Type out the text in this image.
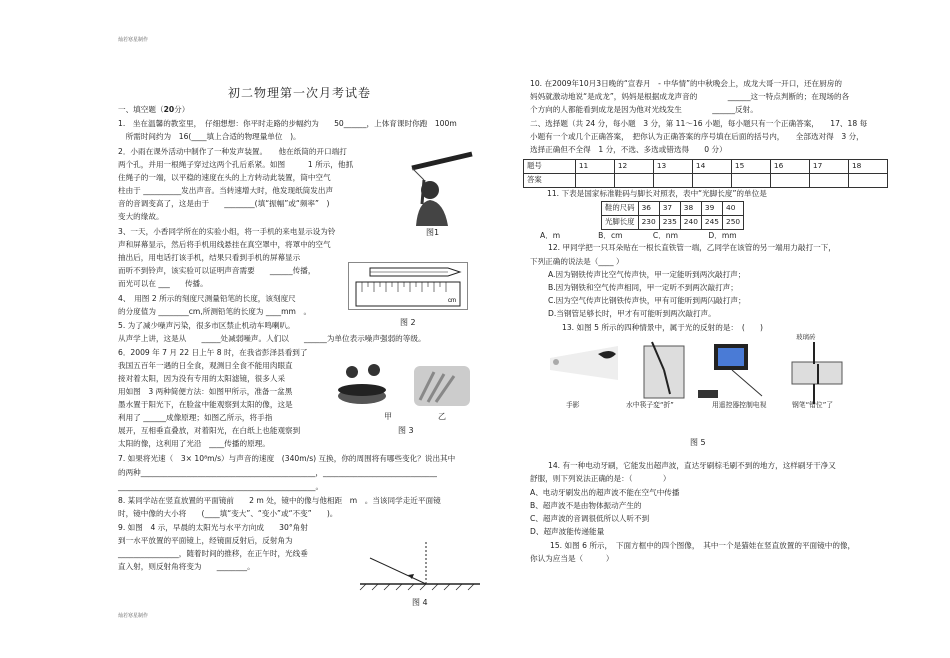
灿若寒星制作
灿若寒星制作
初二物理第一次月考试卷
一、填空题（20分）
1.　坐在温馨的教室里，　仔细想想：你平时走路的步幅约为　　50______，上体育课时你跑　100m
　所需时间约为　16(____填上合适的物理量单位　)。
2．小雨在课外活动中制作了一种发声装置。　　他在纸筒的开口端打
两个孔，并用一根绳子穿过这两个孔后系紧。如图　　　1 所示，他抓
住绳子的一端，以平稳的速度在头的上方转动此装置，筒中空气
柱由于 __________发出声音。当转速增大时，他发现纸筒发出声
音的音调变高了，这是由于　　________(填“振幅”或“频率”　)
变大的缘故。
3、一天，小香同学所在的实验小组，将一手机的来电显示设为铃
声和屏幕显示，然后将手机用线悬挂在真空罩中，将罩中的空气
抽出后，用电话打该手机，结果只看到手机的屏幕显示
而听不到铃声，该实验可以证明声音需要　　______传播，
而光可以在 ___　　传播。
4、　用图 2 所示的刻度尺测量铅笔的长度，该刻度尺
的分度值为 ________cm,所测铅笔的长度为 ____mm　。
5. 为了减少噪声污染，很多市区禁止机动车鸣喇叭。
从声学上讲，这是从　　_____处减弱噪声。人们以　　______为单位表示噪声强弱的等级。
6．2009 年 7 月 22 日上午 8 时，在我省彭泽县看到了
我国五百年一遇的日全食，观测日全食不能用肉眼直
接对着太阳，因为没有专用的太阳滤镜，很多人采
用如图　3 两种简便方法：如图甲所示，准备一盆黑
墨水置于阳光下，在脸盆中能观察到太阳的像，这是
利用了 ______成像原理；如图乙所示，将手指
展开，互相垂直叠放，对着阳光，在白纸上也能观察到
太阳的像，这利用了光沿　____传播的原理。
7. 如果将光速（　3× 10⁸m/s）与声音的速度　(340m/s) 互换，你的周围将有哪些变化？说出其中
的两种______________________________________________，______________________________
____________________________________________________。
8. 某同学站在竖直放置的平面镜前　　2 m 处，镜中的像与他相距　m　。当该同学走近平面镜
时，镜中像的大小将　　(____填“变大”、“变小”或“不变”　　)。
9. 如图　4 示，早晨的太阳光与水平方向成　　30°角射
到一水平放置的平面镜上，经镜面反射后，反射角为
________________，随着时间的推移，在正午时，光线垂
直入射，则反射角将变为　　________。
图1
cm
图 2
甲	乙
图 3
图 4
10. 在2009年10月3日晚的“宣春月　- 中华情”的中秋晚会上，成龙大哥一开口，还在厨房的
妈妈就激动地说“是成龙”，妈妈是根据成龙声音的　　　　______这一特点判断的；在现场的各
个方向的人都能看到成龙是因为他对光线发生　　　　______反射。
二、选择题（共 24 分，每小题　3 分，第 11～16 小题，每小题只有一个正确答案，　　17、18 每
小题有一个或几个正确答案，　把你认为正确答案的序号填在后面的括号内，　　全部选对得　3 分，
选择正确但不全得　1 分，不选、多选或错选得　　0 分）
题号	11	12	13	14	15	16	17	18
答案								
11. 下表是国家标准鞋码与脚长对照表，表中“光脚长度”的单位是
鞋的尺码	36	37	38	39	40
光脚长度	230	235	240	245	250
A．m　　　　　B．cm　　　　C．nm　　　　D．mm
12. 甲同学把一只耳朵贴在一根长直铁管一端，乙同学在该管的另一端用力敲打一下，
下列正确的说法是（____ ）
A.因为钢铁传声比空气传声快，甲一定能听到两次敲打声；
B.因为钢铁和空气传声相同，甲一定听不到两次敲打声；
C.因为空气传声比钢铁传声快，甲有可能听到两闪敲打声；
D.当钢管足够长时，甲才有可能听到两次敲打声。
13. 如图 5 所示的四种情景中，属于光的反射的是：　(　　)
玻璃砖
手影	水中筷子変“折”	用遥控器控制电视	钢笔“错位”了
图 5
14. 有一种电动牙刷，它能发出超声波，直达牙刷棕毛刷不到的地方，这样刷牙干净又
舒服，则下列说法正确的是：（　　　　）
A、电动牙刷发出的超声波不能在空气中传播
B、超声波不是由物体振动产生的
C、超声波的音调很低所以人听不到
D、超声波能传递能量
15. 如图 6 所示，　下面方框中的四个图像，　其中一个是猫娃在竖直放置的平面镜中的像，
你认为应当是（　　　）
